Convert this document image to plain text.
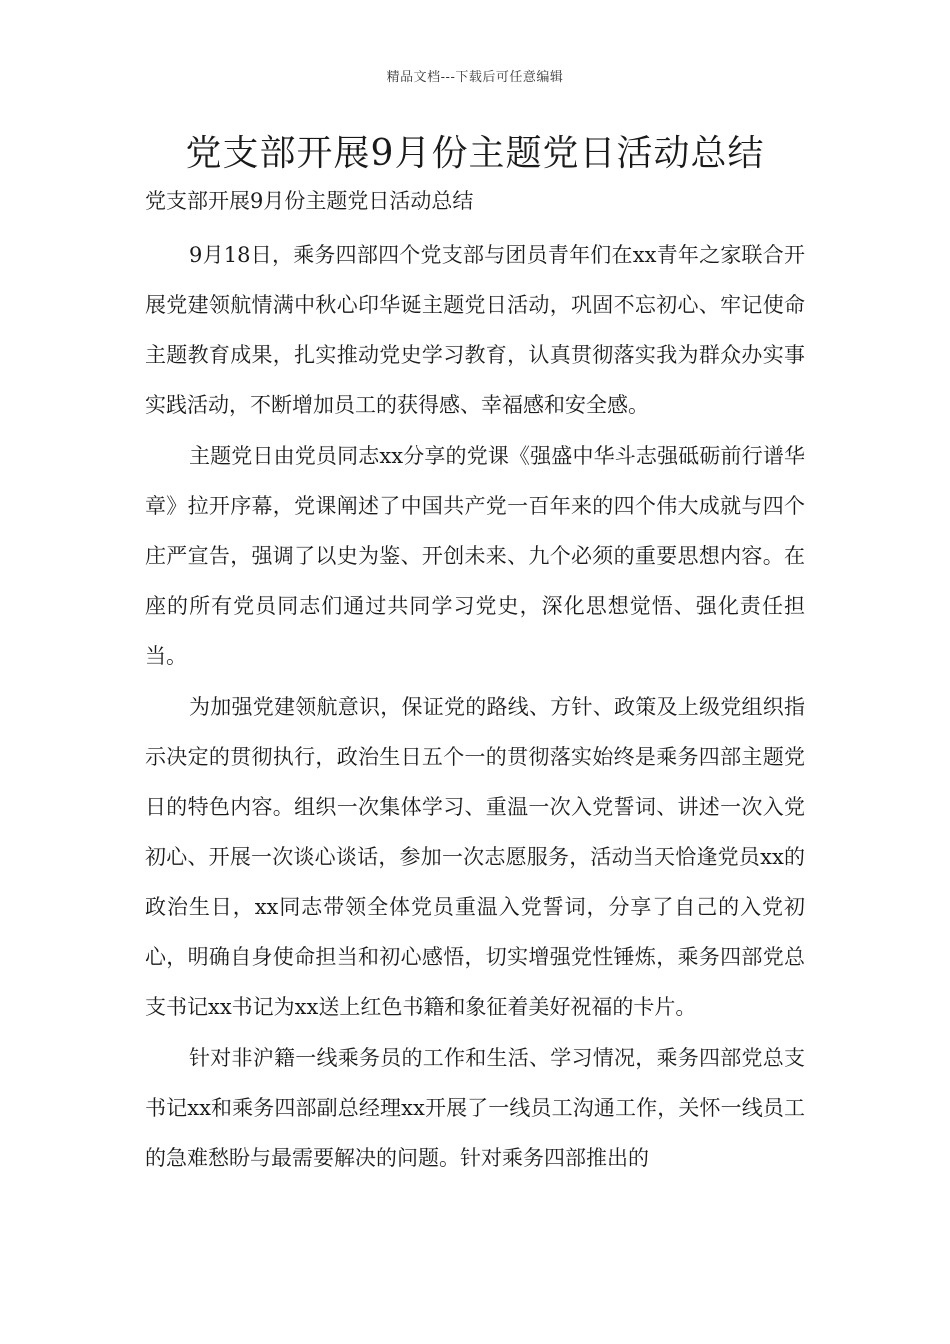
精品文档---下载后可任意编辑
党支部开展9月份主题党日活动总结

党支部开展9月份主题党日活动总结

9月18日，乘务四部四个党支部与团员青年们在xx青年之家联合开展党建领航情满中秋心印华诞主题党日活动，巩固不忘初心、牢记使命主题教育成果，扎实推动党史学习教育，认真贯彻落实我为群众办实事实践活动，不断增加员工的获得感、幸福感和安全感。

主题党日由党员同志xx分享的党课《强盛中华斗志强砥砺前行谱华章》拉开序幕，党课阐述了中国共产党一百年来的四个伟大成就与四个庄严宣告，强调了以史为鉴、开创未来、九个必须的重要思想内容。在座的所有党员同志们通过共同学习党史，深化思想觉悟、强化责任担当。

为加强党建领航意识，保证党的路线、方针、政策及上级党组织指示决定的贯彻执行，政治生日五个一的贯彻落实始终是乘务四部主题党日的特色内容。组织一次集体学习、重温一次入党誓词、讲述一次入党初心、开展一次谈心谈话，参加一次志愿服务，活动当天恰逢党员xx的政治生日，xx同志带领全体党员重温入党誓词，分享了自己的入党初心，明确自身使命担当和初心感悟，切实增强党性锤炼，乘务四部党总支书记xx书记为xx送上红色书籍和象征着美好祝福的卡片。

针对非沪籍一线乘务员的工作和生活、学习情况，乘务四部党总支书记xx和乘务四部副总经理xx开展了一线员工沟通工作，关怀一线员工的急难愁盼与最需要解决的问题。针对乘务四部推出的
